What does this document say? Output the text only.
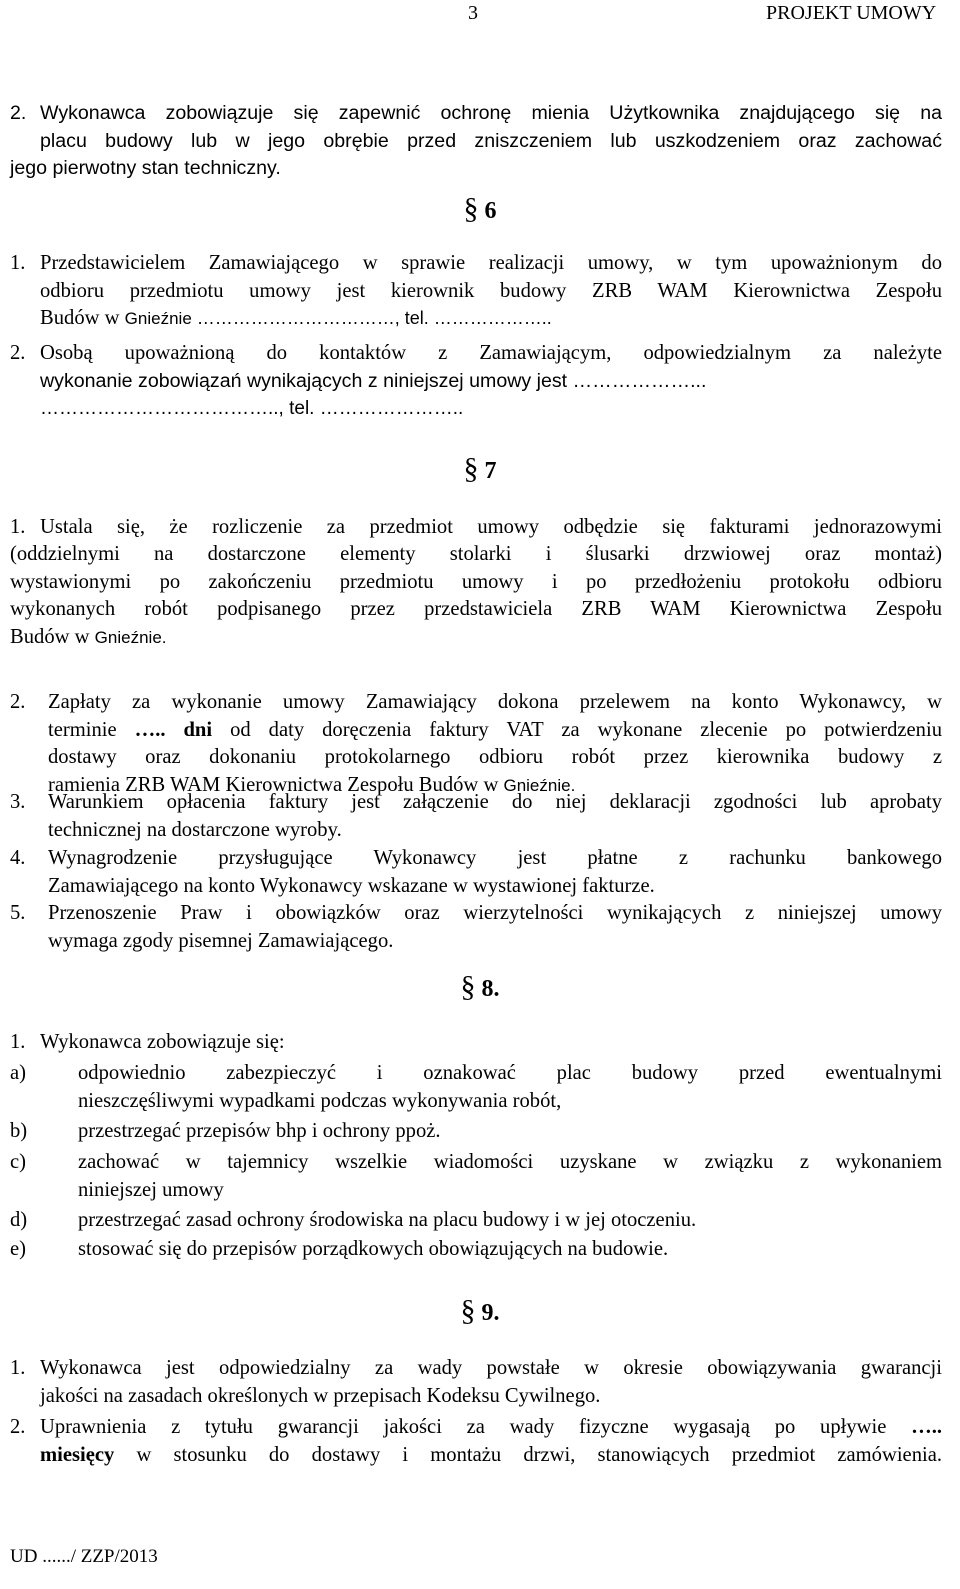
3	PROJEKT UMOWY
2. Wykonawca zobowiązuje się zapewnić ochronę mienia Użytkownika znajdującego się na
placu budowy lub w jego obrębie przed zniszczeniem lub uszkodzeniem oraz zachować
jego pierwotny stan techniczny.
§ 6
1. Przedstawicielem Zamawiającego w sprawie realizacji umowy, w tym upoważnionym do
odbioru przedmiotu umowy jest kierownik budowy ZRB WAM Kierownictwa Zespołu
Budów w Gnieźnie ……………………………, tel. ………………..
2. Osobą upoważnioną do kontaktów z Zamawiającym, odpowiedzialnym za należyte
wykonanie zobowiązań wynikających z niniejszej umowy jest ………………...
……………………………….., tel. …………………..
§ 7
1. Ustala się, że rozliczenie za przedmiot umowy odbędzie się fakturami jednorazowymi
(oddzielnymi na dostarczone elementy stolarki i ślusarki drzwiowej oraz montaż)
wystawionymi po zakończeniu przedmiotu umowy i po przedłożeniu protokołu odbioru
wykonanych robót podpisanego przez przedstawiciela ZRB WAM Kierownictwa Zespołu
Budów w Gnieźnie.
2. Zapłaty za wykonanie umowy Zamawiający dokona przelewem na konto Wykonawcy, w
terminie ….. dni od daty doręczenia faktury VAT za wykonane zlecenie po potwierdzeniu
dostawy oraz dokonaniu protokolarnego odbioru robót przez kierownika budowy z
ramienia ZRB WAM Kierownictwa Zespołu Budów w Gnieźnie.
3. Warunkiem opłacenia faktury jest załączenie do niej deklaracji zgodności lub aprobaty
technicznej na dostarczone wyroby.
4. Wynagrodzenie przysługujące Wykonawcy jest płatne z rachunku bankowego
Zamawiającego na konto Wykonawcy wskazane w wystawionej fakturze.
5. Przenoszenie Praw i obowiązków oraz wierzytelności wynikających z niniejszej umowy
wymaga zgody pisemnej Zamawiającego.
§ 8.
1. Wykonawca zobowiązuje się:
a)	odpowiednio zabezpieczyć i oznakować plac budowy przed ewentualnymi
nieszczęśliwymi wypadkami podczas wykonywania robót,
b) przestrzegać przepisów bhp i ochrony ppoż.
c)	zachować w tajemnicy wszelkie wiadomości uzyskane w związku z wykonaniem
niniejszej umowy
d) przestrzegać zasad ochrony środowiska na placu budowy i w jej otoczeniu.
e)	stosować się do przepisów porządkowych obowiązujących na budowie.
§ 9.
1. Wykonawca jest odpowiedzialny za wady powstałe w okresie obowiązywania gwarancji
jakości na zasadach określonych w przepisach Kodeksu Cywilnego.
2. Uprawnienia z tytułu gwarancji jakości za wady fizyczne wygasają po upływie …..
miesięcy w stosunku do dostawy i montażu drzwi, stanowiących przedmiot zamówienia.
UD ....../ ZZP/2013
